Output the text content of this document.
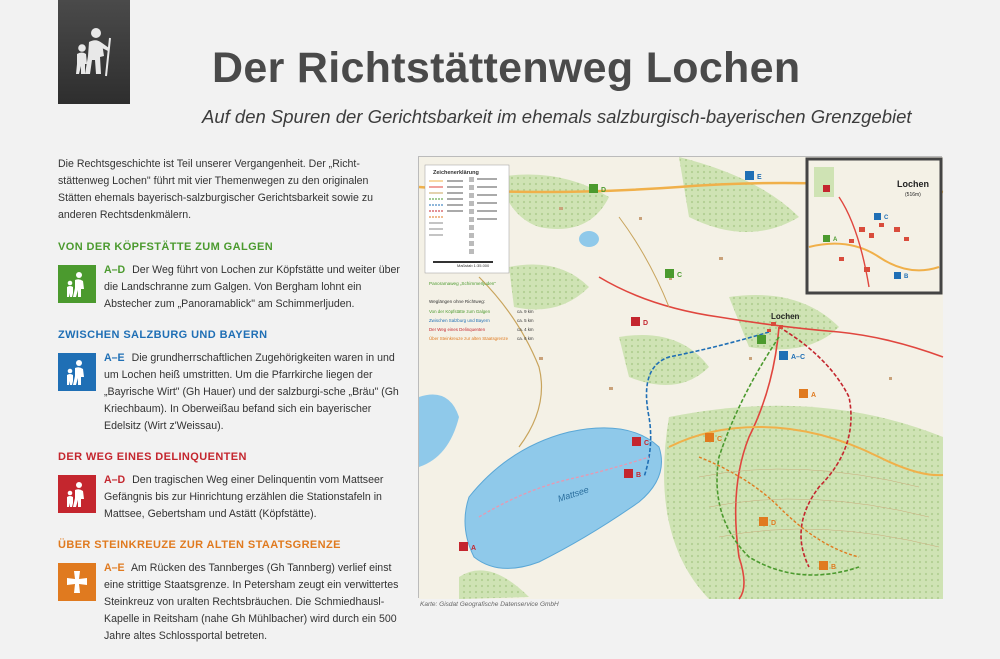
Der Richtstättenweg Lochen
Auf den Spuren der Gerichtsbarkeit im ehemals salzburgisch-bayerischen Grenzgebiet

Die Rechtsgeschichte ist Teil unserer Vergangenheit. Der „Richt-stättenweg Lochen" führt mit vier Themenwegen zu den originalen Stätten ehemals bayerisch-salzburgischer Gerichtsbarkeit sowie zu anderen Rechtsdenkmälern.

VON DER KÖPFSTÄTTE ZUM GALGEN
A–D Der Weg führt von Lochen zur Köpfstätte und weiter über die Landschranne zum Galgen. Von Bergham lohnt ein Abstecher zum „Panoramablick" am Schimmerljuden.
ZWISCHEN SALZBURG UND BAYERN
A–E Die grundherrschaftlichen Zugehörigkeiten waren in und um Lochen heiß umstritten. Um die Pfarrkirche liegen der „Bayrische Wirt" (Gh Hauer) und der salzburgi-sche „Bräu" (Gh Kriechbaum). In Oberweißau befand sich ein bayerischer Edelsitz (Wirt z'Weissau).
DER WEG EINES DELINQUENTEN
A–D Den tragischen Weg einer Delinquentin vom Mattseer Gefängnis bis zur Hinrichtung erzählen die Stationstafeln in Mattsee, Gebertsham und Astätt (Köpfstätte).
ÜBER STEINKREUZE ZUR ALTEN STAATSGRENZE
A–E Am Rücken des Tannberges (Gh Tannberg) verlief einst eine strittige Staatsgrenze. In Petersham zeugt ein verwittertes Steinkreuz von uralten Rechtsbräuchen. Die Schmiedhausl-Kapelle in Reitsham (nahe Gh Mühlbacher) wird durch ein 500 Jahre altes Schlossportal betreten.
Mattsee
Lochen
D
C
D
A–C
A
C
C
B
A
D
B
E
Zeichenerklärung
Maßstab 1:35.000
Panoramaweg „Schimmerljuden"
Weglängen ohne Richtweg:
Von der Köpfstätte zum Galgen	ca. 9 km
Zwischen Salzburg und Bayern	ca. 5 km
Der Weg eines Delinquenten	ca. 4 km
Über Steinkreuze zur alten Staatsgrenze ca. 6 km
A
C
B
Lochen
(516m)
Karte: Gisdat Geografische Datenservice GmbH
